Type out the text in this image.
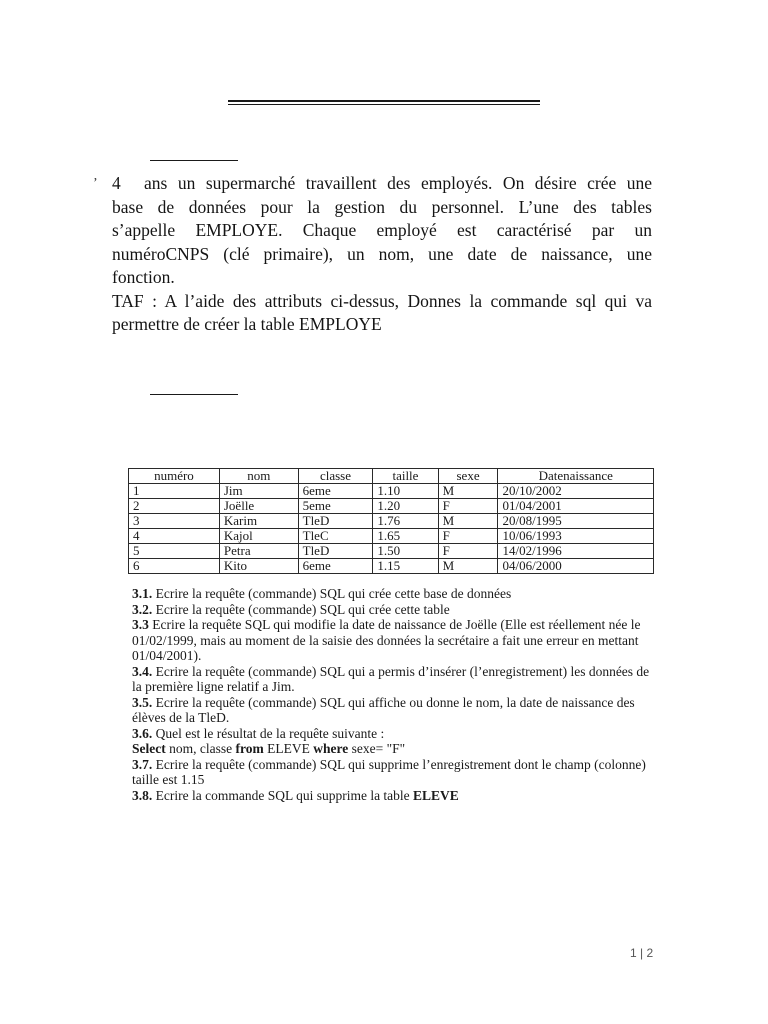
ʼ 4 ans un supermarché travaillent des employés. On désire crée une
base de données pour la gestion du personnel. L’une des tables
s’appelle EMPLOYE. Chaque employé est caractérisé par un
numéroCNPS (clé primaire), un nom, une date de naissance, une
fonction.
TAF : A l’aide des attributs ci-dessus, Donnes la commande sql qui va
permettre de créer la table EMPLOYE
numéro	nom	classe	taille	sexe	Datenaissance
1	Jim	6eme	1.10	M	20/10/2002
2	Joëlle	5eme	1.20	F	01/04/2001
3	Karim	TleD	1.76	M	20/08/1995
4	Kajol	TleC	1.65	F	10/06/1993
5	Petra	TleD	1.50	F	14/02/1996
6	Kito	6eme	1.15	M	04/06/2000

3.1. Ecrire la requête (commande) SQL qui crée cette base de données

3.2. Ecrire la requête (commande) SQL qui crée cette table

3.3 Ecrire la requête SQL qui modifie la date de naissance de Joëlle (Elle est réellement née le 01/02/1999, mais au moment de la saisie des données la secrétaire a fait une erreur en mettant 01/04/2001).

3.4. Ecrire la requête (commande) SQL qui a permis d’insérer (l’enregistrement) les données de la première ligne relatif a Jim.

3.5. Ecrire la requête (commande) SQL qui affiche ou donne le nom, la date de naissance des élèves de la TleD.

3.6. Quel est le résultat de la requête suivante :

Select nom, classe from ELEVE where sexe= "F"

3.7. Ecrire la requête (commande) SQL qui supprime l’enregistrement dont le champ (colonne) taille est 1.15

3.8. Ecrire la commande SQL qui supprime la table ELEVE

1 | 2
